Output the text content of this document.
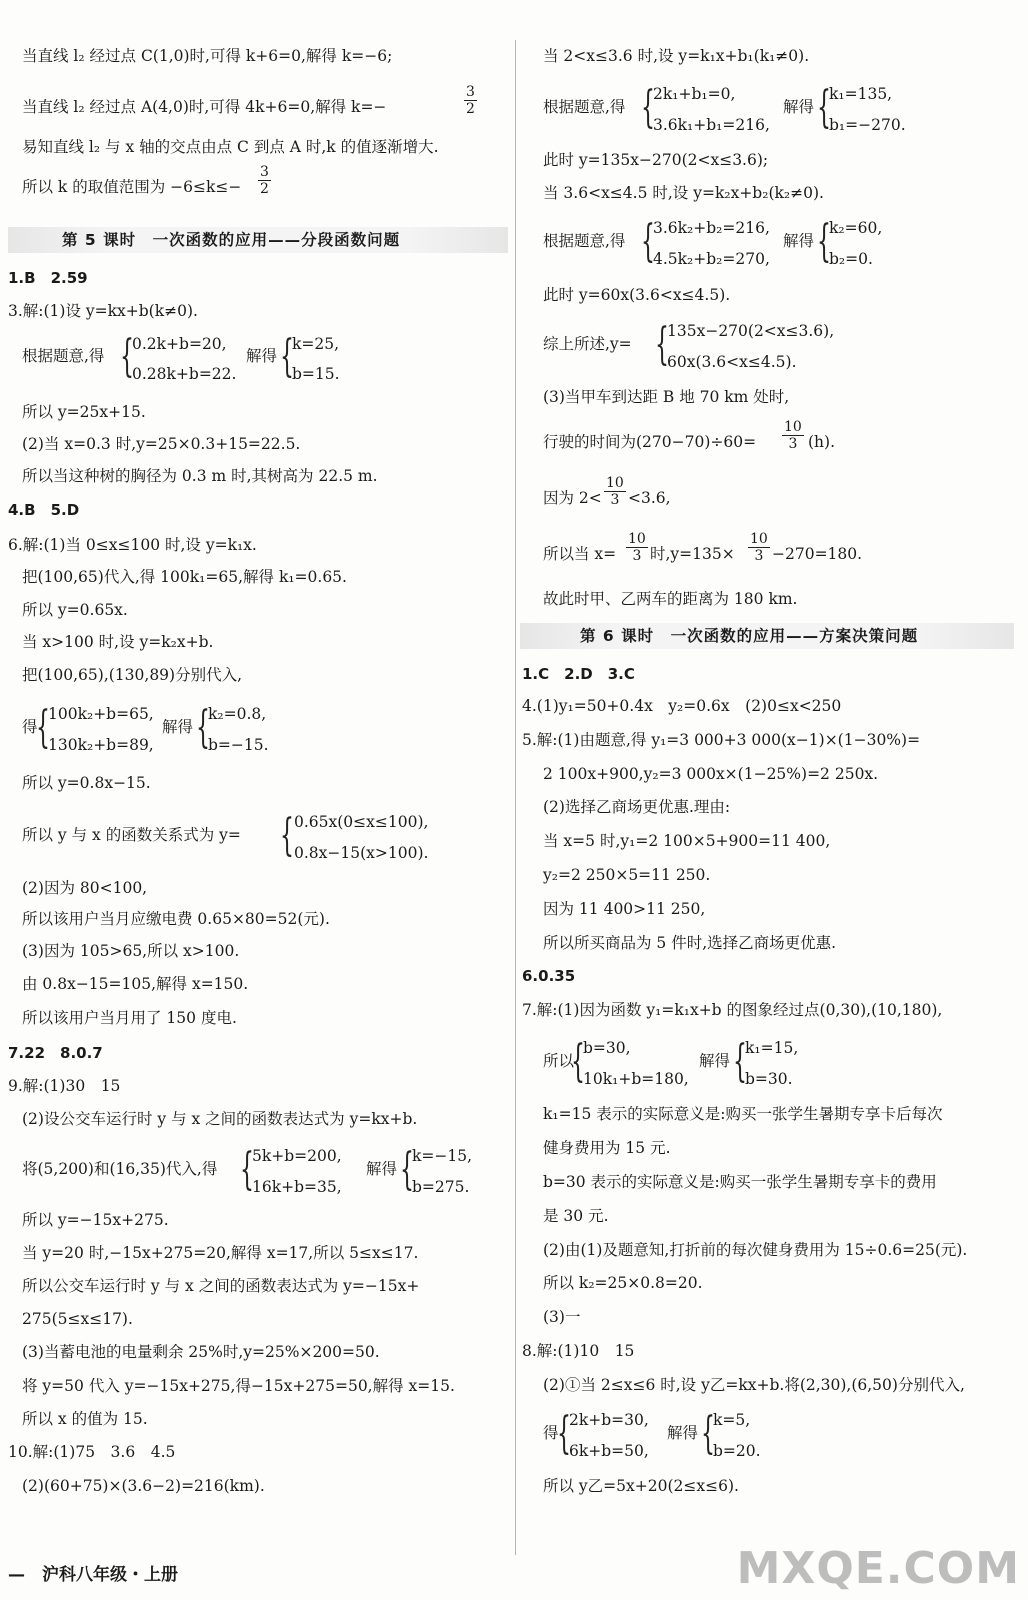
当直线 l₂ 经过点 C(1,0)时,可得 k+6=0,解得 k=−6;
当直线 l₂ 经过点 A(4,0)时,可得 4k+6=0,解得 k=−	$\frac{3}{2}$
易知直线 l₂ 与 x 轴的交点由点 C 到点 A 时,k 的值逐渐增大.
所以 k 的取值范围为 $-6\le k\le- \frac{3}{2}$
第 5 课时　一次函数的应用——分段函数问题
1.B　2.59
3.解:(1)设 y=kx+b(k≠0).
根据题意,得 {
0.2k+b=20,
0.28k+b=22.
解得 {
k=25,
b=15.
所以 y=25x+15.
(2)当 x=0.3 时,y=25×0.3+15=22.5.
所以当这种树的胸径为 0.3 m 时,其树高为 22.5 m.
4.B　5.D
6.解:(1)当 0≤x≤100 时,设 y=k₁x.
把(100,65)代入,得 100k₁=65,解得 k₁=0.65.
所以 y=0.65x.
当 x>100 时,设 y=k₂x+b.
把(100,65),(130,89)分别代入,
得
{
100k₂+b=65,
130k₂+b=89,
解得 {
k₂=0.8,
b=−15.
所以 y=0.8x−15.
所以 y 与 x 的函数关系式为 y= { 0.65x(0≤x≤100),
0.8x−15(x>100).
(2)因为 80<100,
所以该用户当月应缴电费 0.65×80=52(元).
(3)因为 105>65,所以 x>100.
由 0.8x−15=105,解得 x=150.
所以该用户当月用了 150 度电.
7.22　8.0.7
9.解:(1)30　15
(2)设公交车运行时 y 与 x 之间的函数表达式为 y=kx+b.
将(5,200)和(16,35)代入,得 {
5k+b=200,
16k+b=35,
解得 {
k=−15,
b=275.
所以 y=−15x+275.
当 y=20 时,−15x+275=20,解得 x=17,所以 5≤x≤17.
所以公交车运行时 y 与 x 之间的函数表达式为 y=−15x+
275(5≤x≤17).
(3)当蓄电池的电量剩余 25%时,y=25%×200=50.
将 y=50 代入 y=−15x+275,得−15x+275=50,解得 x=15.
所以 x 的值为 15.
10.解:(1)75　3.6　4.5
(2)(60+75)×(3.6−2)=216(km).
当 2<x≤3.6 时,设 y=k₁x+b₁(k₁≠0).
根据题意,得 {
2k₁+b₁=0,
3.6k₁+b₁=216,
解得 {
k₁=135,
b₁=−270.
此时 y=135x−270(2<x≤3.6);
当 3.6<x≤4.5 时,设 y=k₂x+b₂(k₂≠0).
根据题意,得 {
3.6k₂+b₂=216,
4.5k₂+b₂=270,
解得 {
k₂=60,
b₂=0.
此时 y=60x(3.6<x≤4.5).
综上所述,y= {
135x−270(2<x≤3.6),
60x(3.6<x≤4.5).
(3)当甲车到达距 B 地 70 km 处时,
行驶的时间为$(270-70)\div 60= \frac{10}{3} (h)$.
因为 $2< \frac{10}{3} <3.6$,
所以当 $x= \frac{10}{3}$ 时$,y=135\times \frac{10}{3} -270=180$.
故此时甲、乙两车的距离为 180 km.
第 6 课时　一次函数的应用——方案决策问题
1.C　2.D　3.C
4.(1)y₁=50+0.4x　y₂=0.6x　(2)0≤x<250
5.解:(1)由题意,得 y₁=3 000+3 000(x−1)×(1−30%)=
2 100x+900,y₂=3 000x×(1−25%)=2 250x.
(2)选择乙商场更优惠.理由:
当 x=5 时,y₁=2 100×5+900=11 400,
y₂=2 250×5=11 250.
因为 11 400>11 250,
所以所买商品为 5 件时,选择乙商场更优惠.
6.0.35
7.解:(1)因为函数 y₁=k₁x+b 的图象经过点(0,30),(10,180),
所以
{
b=30,
10k₁+b=180,
解得 {
k₁=15,
b=30.
k₁=15 表示的实际意义是:购买一张学生暑期专享卡后每次
健身费用为 15 元.
b=30 表示的实际意义是:购买一张学生暑期专享卡的费用
是 30 元.
(2)由(1)及题意知,打折前的每次健身费用为 15÷0.6=25(元).
所以 k₂=25×0.8=20.
(3)一
8.解:(1)10　15
(2)①当 2≤x≤6 时,设 y乙=kx+b.将(2,30),(6,50)分别代入,
得
{
2k+b=30,
6k+b=50,
解得 {
k=5,
b=20.
所以 y乙=5x+20(2≤x≤6).
—　沪科八年级・上册	MXQE.COM
